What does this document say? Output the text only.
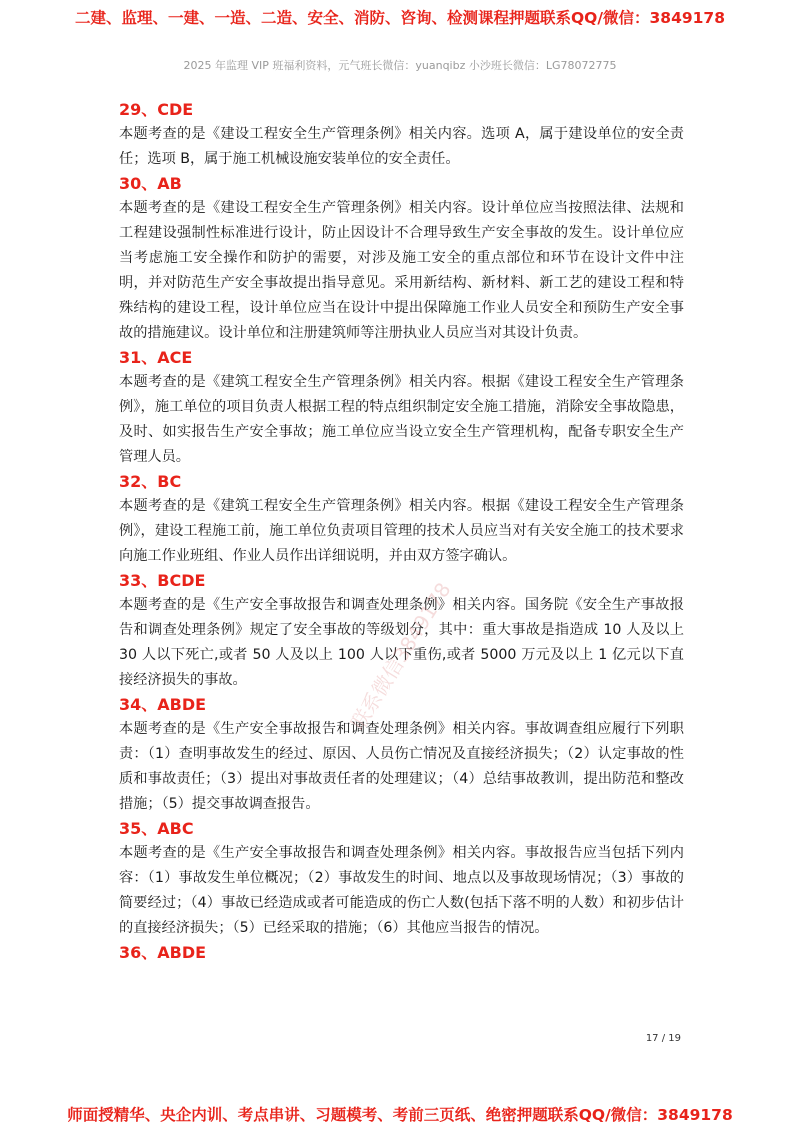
二建、监理、一建、一造、二造、安全、消防、咨询、检测课程押题联系QQ/微信：3849178
2025 年监理 VIP 班福利资料，元气班长微信：yuanqibz 小沙班长微信：LG78072775
29、CDE

本题考查的是《建设工程安全生产管理条例》相关内容。选项 A，属于建设单位的安全责任；选项 B，属于施工机械设施安装单位的安全责任。

30、AB

本题考查的是《建设工程安全生产管理条例》相关内容。设计单位应当按照法律、法规和工程建设强制性标准进行设计，防止因设计不合理导致生产安全事故的发生。设计单位应当考虑施工安全操作和防护的需要，对涉及施工安全的重点部位和环节在设计文件中注明，并对防范生产安全事故提出指导意见。采用新结构、新材料、新工艺的建设工程和特殊结构的建设工程，设计单位应当在设计中提出保障施工作业人员安全和预防生产安全事故的措施建议。设计单位和注册建筑师等注册执业人员应当对其设计负责。

31、ACE

本题考查的是《建筑工程安全生产管理条例》相关内容。根据《建设工程安全生产管理条例》，施工单位的项目负责人根据工程的特点组织制定安全施工措施，消除安全事故隐患，及时、如实报告生产安全事故；施工单位应当设立安全生产管理机构，配备专职安全生产管理人员。

32、BC

本题考查的是《建筑工程安全生产管理条例》相关内容。根据《建设工程安全生产管理条例》，建设工程施工前，施工单位负责项目管理的技术人员应当对有关安全施工的技术要求向施工作业班组、作业人员作出详细说明，并由双方签字确认。

33、BCDE

本题考查的是《生产安全事故报告和调查处理条例》相关内容。国务院《安全生产事故报告和调查处理条例》规定了安全事故的等级划分，其中：重大事故是指造成 10 人及以上 30 人以下死亡,或者 50 人及以上 100 人以下重伤,或者 5000 万元及以上 1 亿元以下直接经济损失的事故。

34、ABDE

本题考查的是《生产安全事故报告和调查处理条例》相关内容。事故调查组应履行下列职责：（1）查明事故发生的经过、原因、人员伤亡情况及直接经济损失；（2）认定事故的性质和事故责任；（3）提出对事故责任者的处理建议；（4）总结事故教训，提出防范和整改措施；（5）提交事故调查报告。

35、ABC

本题考查的是《生产安全事故报告和调查处理条例》相关内容。事故报告应当包括下列内容：（1）事故发生单位概况；（2）事故发生的时间、地点以及事故现场情况；（3）事故的简要经过；（4）事故已经造成或者可能造成的伤亡人数(包括下落不明的人数）和初步估计的直接经济损失；（5）已经采取的措施；（6）其他应当报告的情况。

36、ABDE
联系微信3849178
17 / 19
师面授精华、央企内训、考点串讲、习题模考、考前三页纸、绝密押题联系QQ/微信：3849178
